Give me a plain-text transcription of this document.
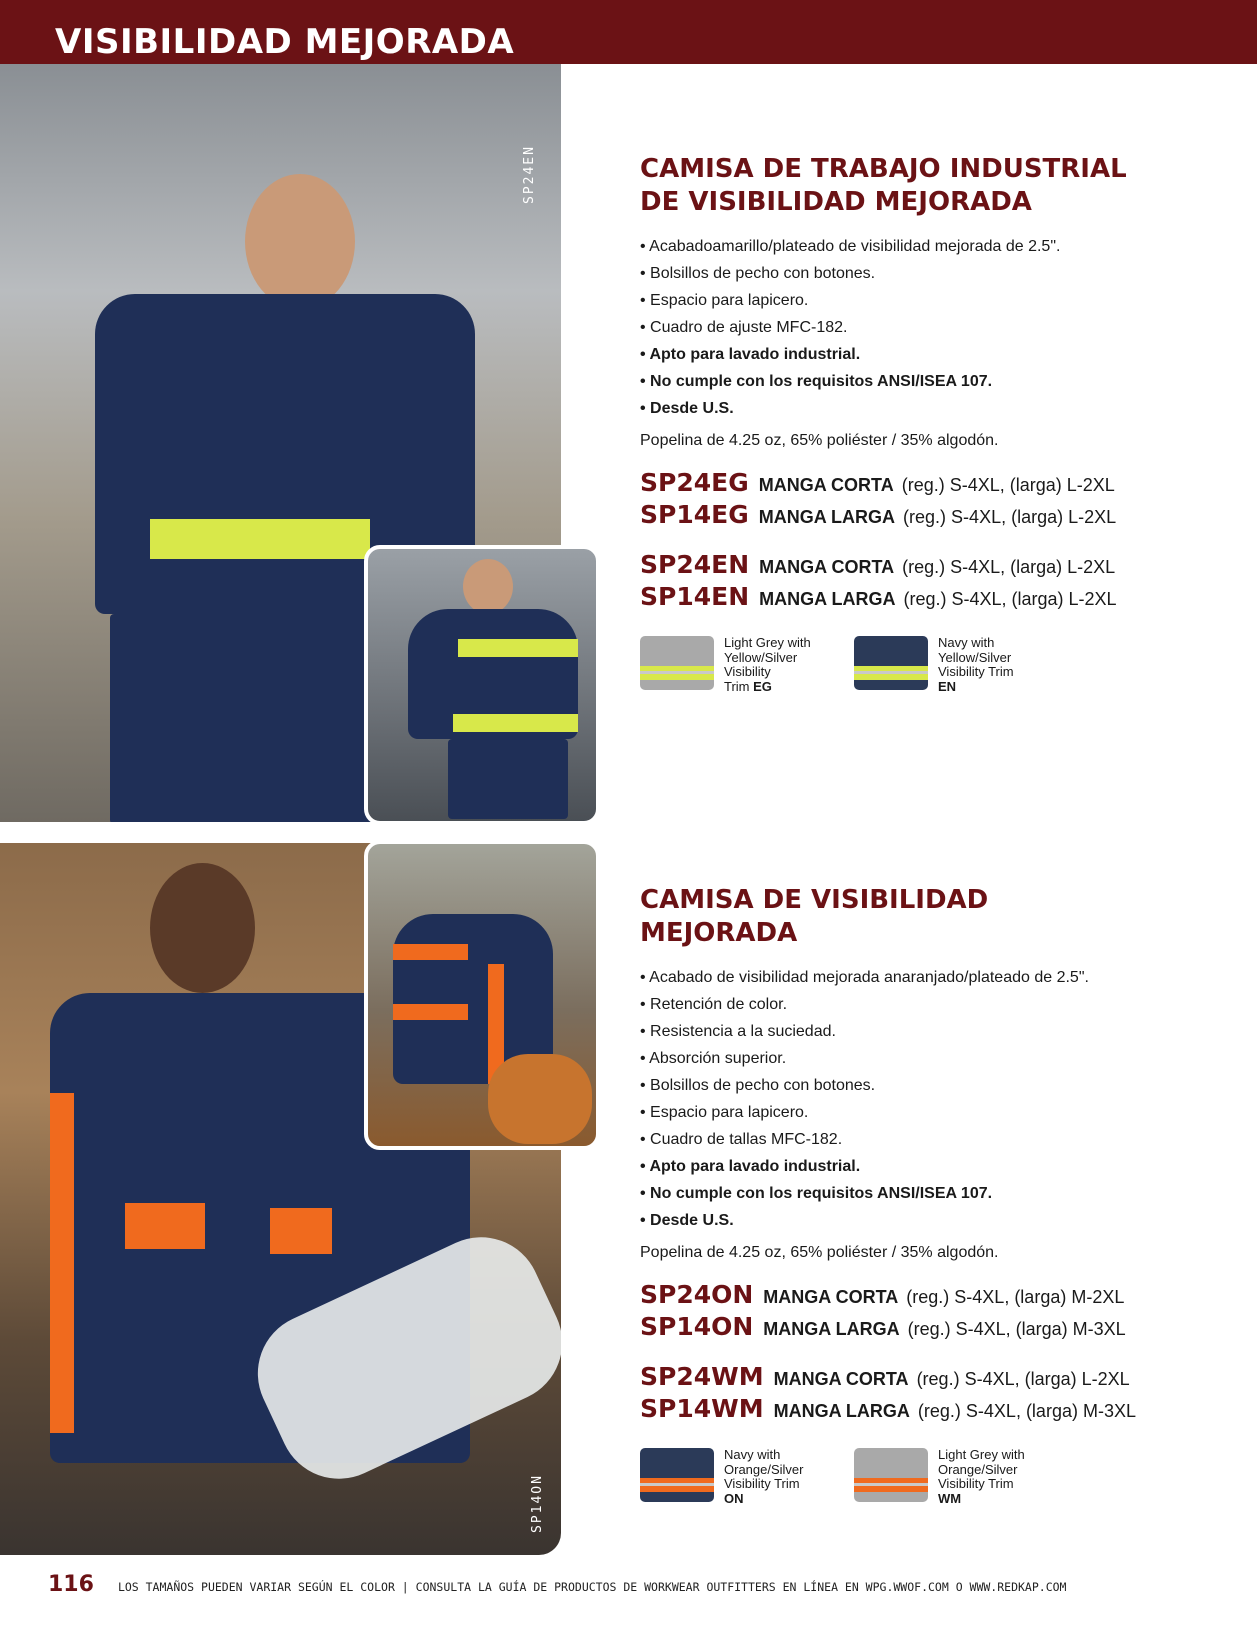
VISIBILIDAD MEJORADA
SP24EN
SP14ON
CAMISA DE TRABAJO INDUSTRIAL
DE VISIBILIDAD MEJORADA
• Acabadoamarillo/plateado de visibilidad mejorada de 2.5".
• Bolsillos de pecho con botones.
• Espacio para lapicero.
• Cuadro de ajuste MFC-182.
• Apto para lavado industrial.
• No cumple con los requisitos ANSI/ISEA 107.
• Desde U.S.
Popelina de 4.25 oz, 65% poliéster / 35% algodón.
SP24EG MANGA CORTA (reg.) S-4XL, (larga) L-2XL
SP14EG MANGA LARGA (reg.) S-4XL, (larga) L-2XL
SP24EN MANGA CORTA (reg.) S-4XL, (larga) L-2XL
SP14EN MANGA LARGA (reg.) S-4XL, (larga) L-2XL
Light Grey with
Yellow/Silver
Visibility
Trim EG
Navy with
Yellow/Silver
Visibility Trim
EN
CAMISA DE VISIBILIDAD
MEJORADA
• Acabado de visibilidad mejorada anaranjado/plateado de 2.5".
• Retención de color.
• Resistencia a la suciedad.
• Absorción superior.
• Bolsillos de pecho con botones.
• Espacio para lapicero.
• Cuadro de tallas MFC-182.
• Apto para lavado industrial.
• No cumple con los requisitos ANSI/ISEA 107.
• Desde U.S.
Popelina de 4.25 oz, 65% poliéster / 35% algodón.
SP24ON MANGA CORTA (reg.) S-4XL, (larga) M-2XL
SP14ON MANGA LARGA (reg.) S-4XL, (larga) M-3XL
SP24WM MANGA CORTA (reg.) S-4XL, (larga) L-2XL
SP14WM MANGA LARGA (reg.) S-4XL, (larga) M-3XL
Navy with
Orange/Silver
Visibility Trim
ON
Light Grey with
Orange/Silver
Visibility Trim
WM
116 LOS TAMAÑOS PUEDEN VARIAR SEGÚN EL COLOR | CONSULTA LA GUÍA DE PRODUCTOS DE WORKWEAR OUTFITTERS EN LÍNEA EN WPG.WWOF.COM O WWW.REDKAP.COM
